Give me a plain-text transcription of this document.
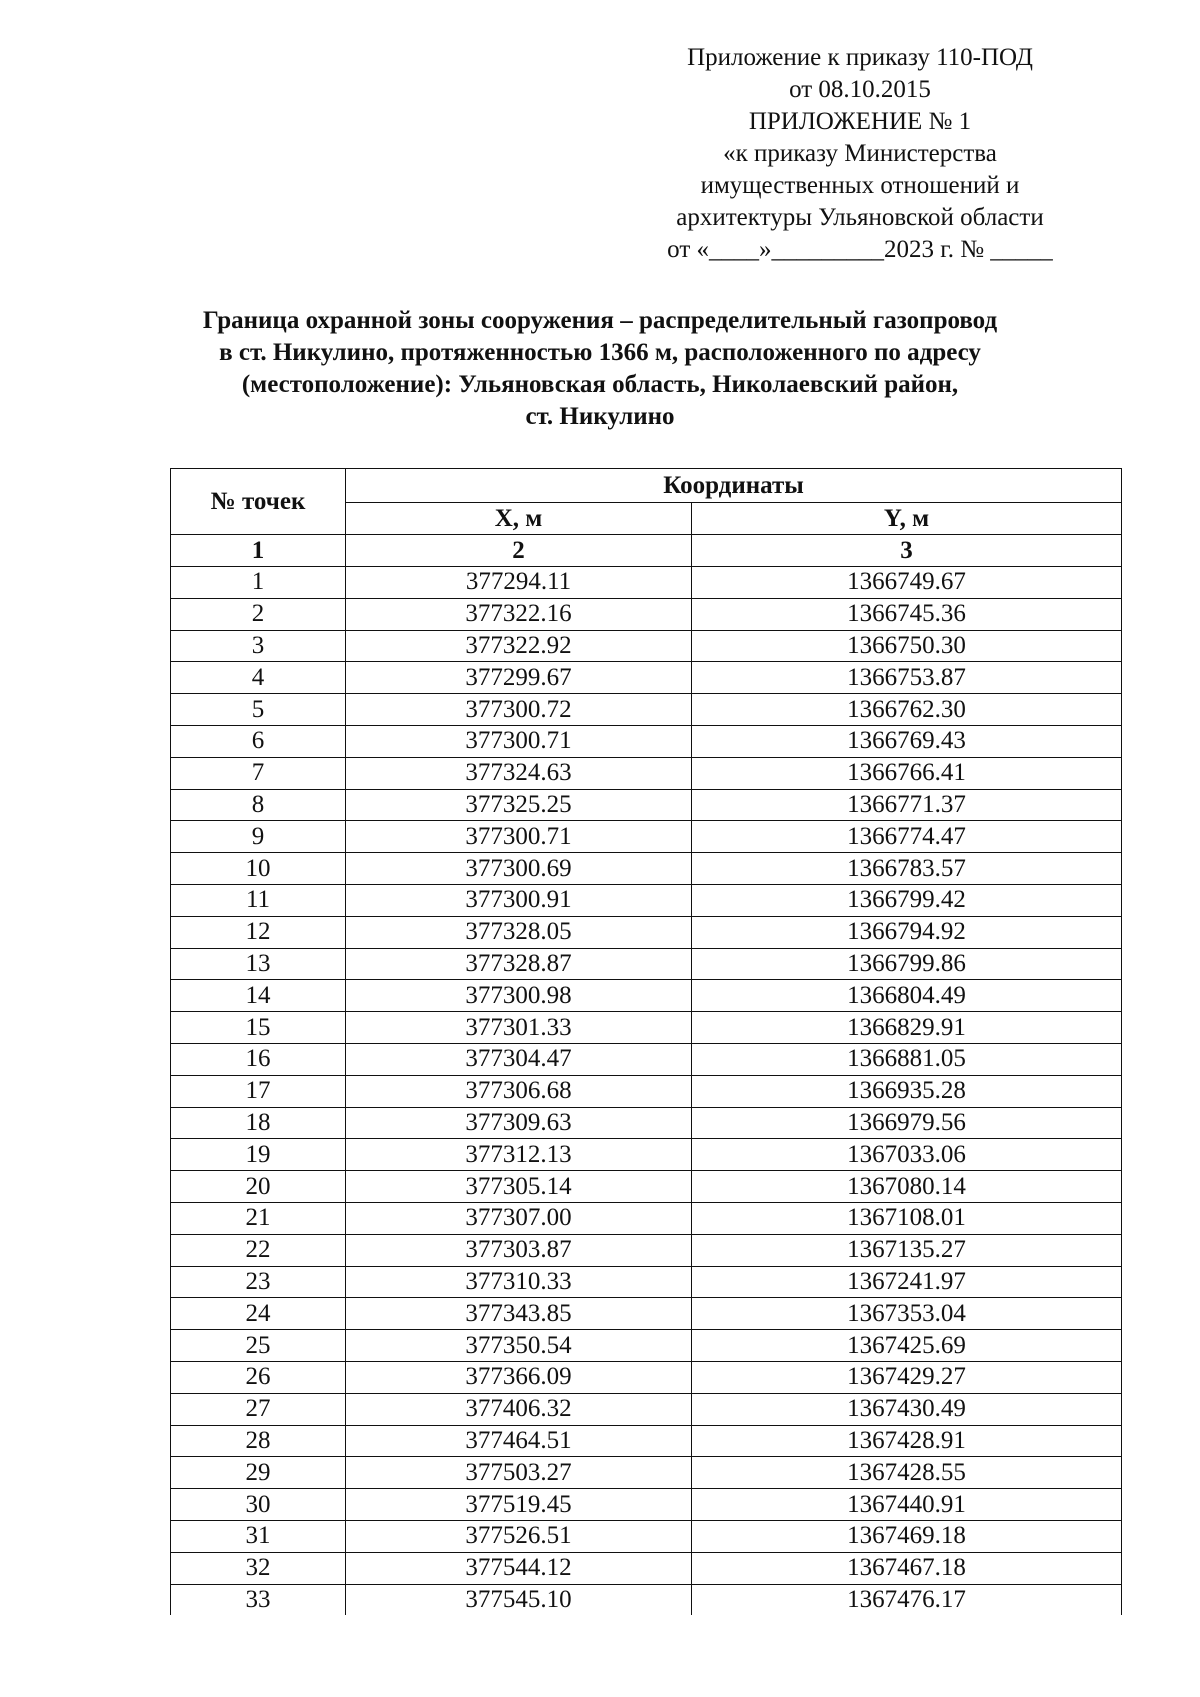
Приложение к приказу 110-ПОД
от 08.10.2015
ПРИЛОЖЕНИЕ № 1
«к приказу Министерства
имущественных отношений и
архитектуры Ульяновской области
от «____»_________2023 г. № _____
Граница охранной зоны сооружения – распределительный газопровод
в ст. Никулино, протяженностью 1366 м, расположенного по адресу
(местоположение): Ульяновская область, Николаевский район,
ст. Никулино
№ точек	Координаты	
	X, м	Y, м
1	2	3
1	377294.11	1366749.67
2	377322.16	1366745.36
3	377322.92	1366750.30
4	377299.67	1366753.87
5	377300.72	1366762.30
6	377300.71	1366769.43
7	377324.63	1366766.41
8	377325.25	1366771.37
9	377300.71	1366774.47
10	377300.69	1366783.57
11	377300.91	1366799.42
12	377328.05	1366794.92
13	377328.87	1366799.86
14	377300.98	1366804.49
15	377301.33	1366829.91
16	377304.47	1366881.05
17	377306.68	1366935.28
18	377309.63	1366979.56
19	377312.13	1367033.06
20	377305.14	1367080.14
21	377307.00	1367108.01
22	377303.87	1367135.27
23	377310.33	1367241.97
24	377343.85	1367353.04
25	377350.54	1367425.69
26	377366.09	1367429.27
27	377406.32	1367430.49
28	377464.51	1367428.91
29	377503.27	1367428.55
30	377519.45	1367440.91
31	377526.51	1367469.18
32	377544.12	1367467.18
33	377545.10	1367476.17
